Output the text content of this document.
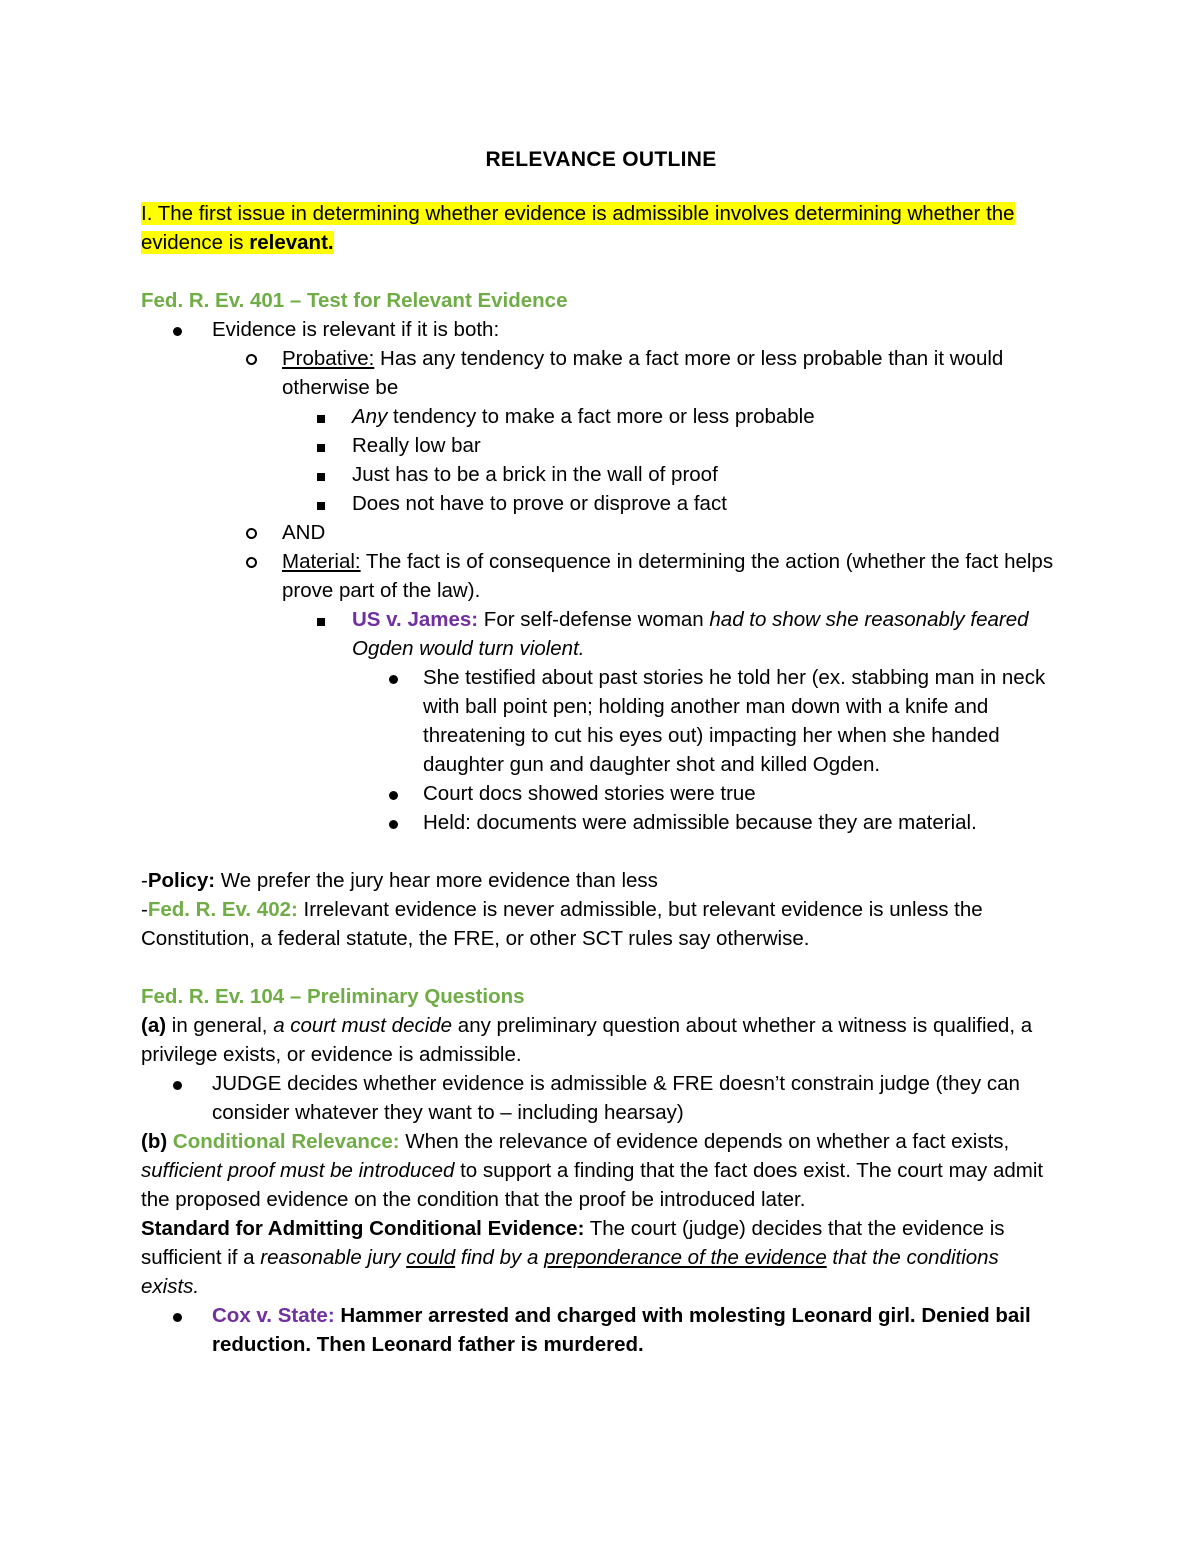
RELEVANCE OUTLINE

I. The first issue in determining whether evidence is admissible involves determining whether the evidence is relevant.

Fed. R. Ev. 401 – Test for Relevant Evidence

Evidence is relevant if it is both:
Probative: Has any tendency to make a fact more or less probable than it would otherwise be
Any tendency to make a fact more or less probable
Really low bar
Just has to be a brick in the wall of proof
Does not have to prove or disprove a fact
AND
Material: The fact is of consequence in determining the action (whether the fact helps prove part of the law).
US v. James: For self-defense woman had to show she reasonably feared Ogden would turn violent.
She testified about past stories he told her (ex. stabbing man in neck with ball point pen; holding another man down with a knife and threatening to cut his eyes out) impacting her when she handed daughter gun and daughter shot and killed Ogden.
Court docs showed stories were true
Held: documents were admissible because they are material.

-Policy: We prefer the jury hear more evidence than less

-Fed. R. Ev. 402: Irrelevant evidence is never admissible, but relevant evidence is unless the Constitution, a federal statute, the FRE, or other SCT rules say otherwise.

Fed. R. Ev. 104 – Preliminary Questions

(a) in general, a court must decide any preliminary question about whether a witness is qualified, a privilege exists, or evidence is admissible.

JUDGE decides whether evidence is admissible & FRE doesn’t constrain judge (they can consider whatever they want to – including hearsay)

(b) Conditional Relevance: When the relevance of evidence depends on whether a fact exists, sufficient proof must be introduced to support a finding that the fact does exist. The court may admit the proposed evidence on the condition that the proof be introduced later.

Standard for Admitting Conditional Evidence: The court (judge) decides that the evidence is sufficient if a reasonable jury could find by a preponderance of the evidence that the conditions exists.

Cox v. State: Hammer arrested and charged with molesting Leonard girl. Denied bail reduction. Then Leonard father is murdered.
